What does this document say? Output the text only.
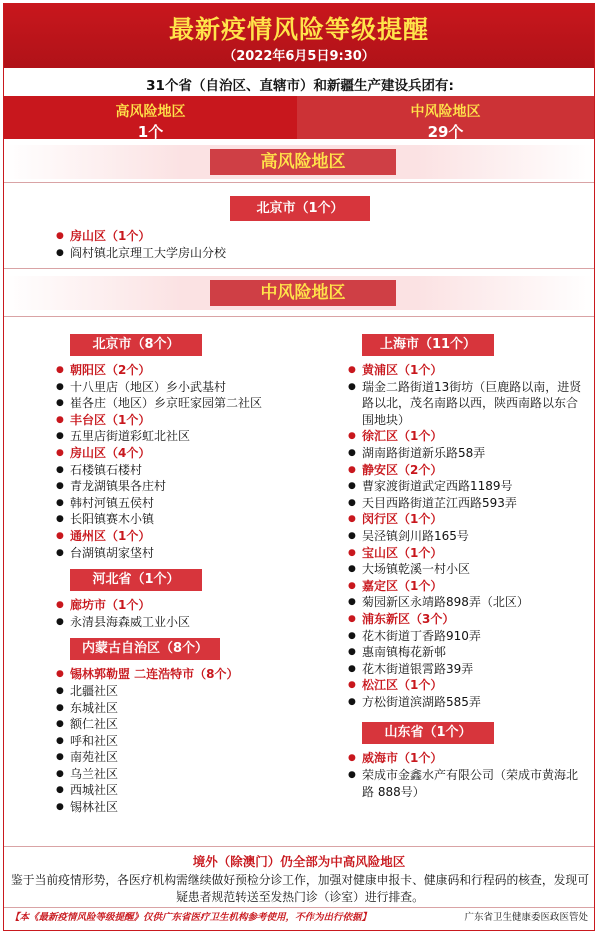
最新疫情风险等级提醒
（2022年6月5日9:30）
31个省（自治区、直辖市）和新疆生产建设兵团有:
高风险地区
1个
中风险地区
29个
高风险地区
北京市（1个）
● 房山区（1个）
● 阎村镇北京理工大学房山分校
中风险地区
北京市（8个）
● 朝阳区（2个）
● 十八里店（地区）乡小武基村
● 崔各庄（地区）乡京旺家园第二社区
● 丰台区（1个）
● 五里店街道彩虹北社区
● 房山区（4个）
● 石楼镇石楼村
● 青龙湖镇果各庄村
● 韩村河镇五侯村
● 长阳镇赛木小镇
● 通州区（1个）
● 台湖镇胡家垡村
河北省（1个）
● 廊坊市（1个）
● 永清县海森威工业小区
内蒙古自治区（8个）
● 锡林郭勒盟 二连浩特市（8个）
● 北疆社区
● 东城社区
● 额仁社区
● 呼和社区
● 南苑社区
● 乌兰社区
● 西城社区
● 锡林社区
上海市（11个）
● 黄浦区（1个）
● 瑞金二路街道13街坊（巨鹿路以南，进贤路以北，茂名南路以西，陕西南路以东合围地块）
● 徐汇区（1个）
● 湖南路街道新乐路58弄
● 静安区（2个）
● 曹家渡街道武定西路1189号
● 天目西路街道芷江西路593弄
● 闵行区（1个）
● 吴泾镇剑川路165号
● 宝山区（1个）
● 大场镇乾溪一村小区
● 嘉定区（1个）
● 菊园新区永靖路898弄（北区）
● 浦东新区（3个）
● 花木街道丁香路910弄
● 惠南镇梅花新邨
● 花木街道银霄路39弄
● 松江区（1个）
● 方松街道滨湖路585弄
山东省（1个）
● 威海市（1个）
● 荣成市金鑫水产有限公司（荣成市黄海北路 888号）
境外（除澳门）仍全部为中高风险地区
鉴于当前疫情形势，各医疗机构需继续做好预检分诊工作，加强对健康申报卡、健康码和行程码的核查，发现可疑患者规范转送至发热门诊（诊室）进行排查。
【本《最新疫情风险等级提醒》仅供广东省医疗卫生机构参考使用，不作为出行依据】	广东省卫生健康委医政医管处
